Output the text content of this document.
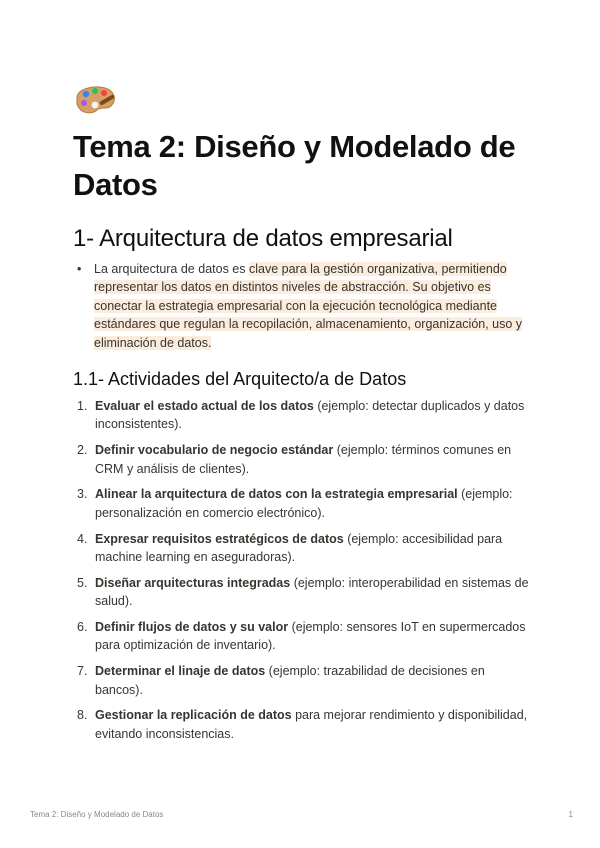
Tema 2: Diseño y Modelado de Datos
1- Arquitectura de datos empresarial
• La arquitectura de datos es clave para la gestión organizativa, permitiendo representar los datos en distintos niveles de abstracción. Su objetivo es conectar la estrategia empresarial con la ejecución tecnológica mediante estándares que regulan la recopilación, almacenamiento, organización, uso y eliminación de datos.
1.1- Actividades del Arquitecto/a de Datos
1. Evaluar el estado actual de los datos (ejemplo: detectar duplicados y datos inconsistentes).
2. Definir vocabulario de negocio estándar (ejemplo: términos comunes en CRM y análisis de clientes).
3. Alinear la arquitectura de datos con la estrategia empresarial (ejemplo: personalización en comercio electrónico).
4. Expresar requisitos estratégicos de datos (ejemplo: accesibilidad para machine learning en aseguradoras).
5. Diseñar arquitecturas integradas (ejemplo: interoperabilidad en sistemas de salud).
6. Definir flujos de datos y su valor (ejemplo: sensores IoT en supermercados para optimización de inventario).
7. Determinar el linaje de datos (ejemplo: trazabilidad de decisiones en bancos).
8. Gestionar la replicación de datos para mejorar rendimiento y disponibilidad, evitando inconsistencias.
Tema 2: Diseño y Modelado de Datos	1
